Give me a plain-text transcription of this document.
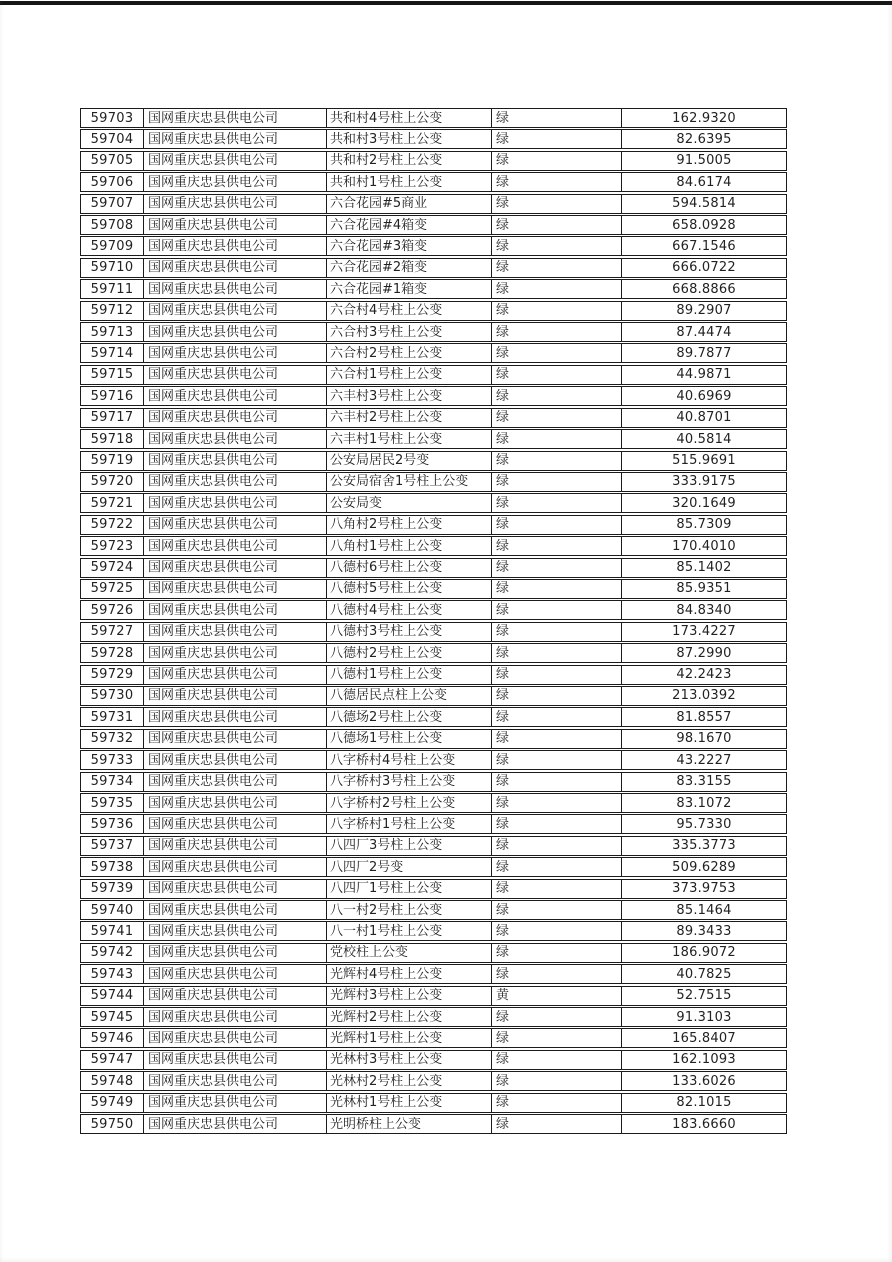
59703	国网重庆忠县供电公司	共和村4号柱上公变	绿	162.9320
59704	国网重庆忠县供电公司	共和村3号柱上公变	绿	82.6395
59705	国网重庆忠县供电公司	共和村2号柱上公变	绿	91.5005
59706	国网重庆忠县供电公司	共和村1号柱上公变	绿	84.6174
59707	国网重庆忠县供电公司	六合花园#5商业	绿	594.5814
59708	国网重庆忠县供电公司	六合花园#4箱变	绿	658.0928
59709	国网重庆忠县供电公司	六合花园#3箱变	绿	667.1546
59710	国网重庆忠县供电公司	六合花园#2箱变	绿	666.0722
59711	国网重庆忠县供电公司	六合花园#1箱变	绿	668.8866
59712	国网重庆忠县供电公司	六合村4号柱上公变	绿	89.2907
59713	国网重庆忠县供电公司	六合村3号柱上公变	绿	87.4474
59714	国网重庆忠县供电公司	六合村2号柱上公变	绿	89.7877
59715	国网重庆忠县供电公司	六合村1号柱上公变	绿	44.9871
59716	国网重庆忠县供电公司	六丰村3号柱上公变	绿	40.6969
59717	国网重庆忠县供电公司	六丰村2号柱上公变	绿	40.8701
59718	国网重庆忠县供电公司	六丰村1号柱上公变	绿	40.5814
59719	国网重庆忠县供电公司	公安局居民2号变	绿	515.9691
59720	国网重庆忠县供电公司	公安局宿舍1号柱上公变	绿	333.9175
59721	国网重庆忠县供电公司	公安局变	绿	320.1649
59722	国网重庆忠县供电公司	八角村2号柱上公变	绿	85.7309
59723	国网重庆忠县供电公司	八角村1号柱上公变	绿	170.4010
59724	国网重庆忠县供电公司	八德村6号柱上公变	绿	85.1402
59725	国网重庆忠县供电公司	八德村5号柱上公变	绿	85.9351
59726	国网重庆忠县供电公司	八德村4号柱上公变	绿	84.8340
59727	国网重庆忠县供电公司	八德村3号柱上公变	绿	173.4227
59728	国网重庆忠县供电公司	八德村2号柱上公变	绿	87.2990
59729	国网重庆忠县供电公司	八德村1号柱上公变	绿	42.2423
59730	国网重庆忠县供电公司	八德居民点柱上公变	绿	213.0392
59731	国网重庆忠县供电公司	八德场2号柱上公变	绿	81.8557
59732	国网重庆忠县供电公司	八德场1号柱上公变	绿	98.1670
59733	国网重庆忠县供电公司	八字桥村4号柱上公变	绿	43.2227
59734	国网重庆忠县供电公司	八字桥村3号柱上公变	绿	83.3155
59735	国网重庆忠县供电公司	八字桥村2号柱上公变	绿	83.1072
59736	国网重庆忠县供电公司	八字桥村1号柱上公变	绿	95.7330
59737	国网重庆忠县供电公司	八四厂3号柱上公变	绿	335.3773
59738	国网重庆忠县供电公司	八四厂2号变	绿	509.6289
59739	国网重庆忠县供电公司	八四厂1号柱上公变	绿	373.9753
59740	国网重庆忠县供电公司	八一村2号柱上公变	绿	85.1464
59741	国网重庆忠县供电公司	八一村1号柱上公变	绿	89.3433
59742	国网重庆忠县供电公司	党校柱上公变	绿	186.9072
59743	国网重庆忠县供电公司	光辉村4号柱上公变	绿	40.7825
59744	国网重庆忠县供电公司	光辉村3号柱上公变	黄	52.7515
59745	国网重庆忠县供电公司	光辉村2号柱上公变	绿	91.3103
59746	国网重庆忠县供电公司	光辉村1号柱上公变	绿	165.8407
59747	国网重庆忠县供电公司	光林村3号柱上公变	绿	162.1093
59748	国网重庆忠县供电公司	光林村2号柱上公变	绿	133.6026
59749	国网重庆忠县供电公司	光林村1号柱上公变	绿	82.1015
59750	国网重庆忠县供电公司	光明桥柱上公变	绿	183.6660
